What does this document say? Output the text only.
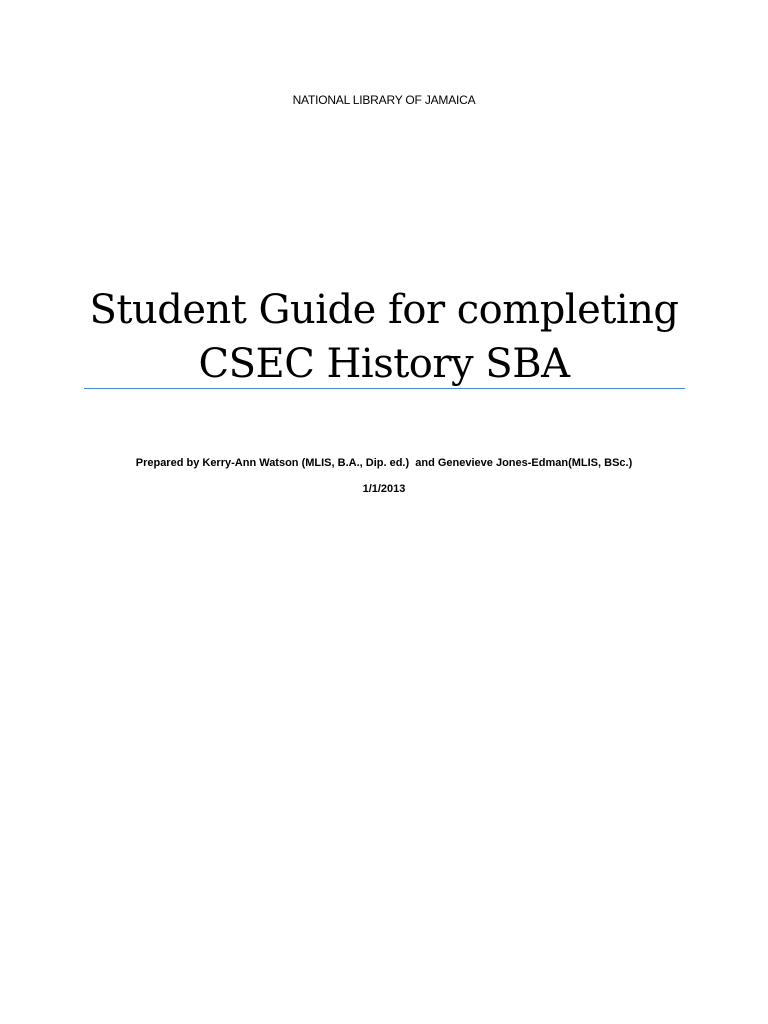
NATIONAL LIBRARY OF JAMAICA
Student Guide for completing
CSEC History SBA
Prepared by Kerry-Ann Watson (MLIS, B.A., Dip. ed.)  and Genevieve Jones-Edman(MLIS, BSc.)
1/1/2013
